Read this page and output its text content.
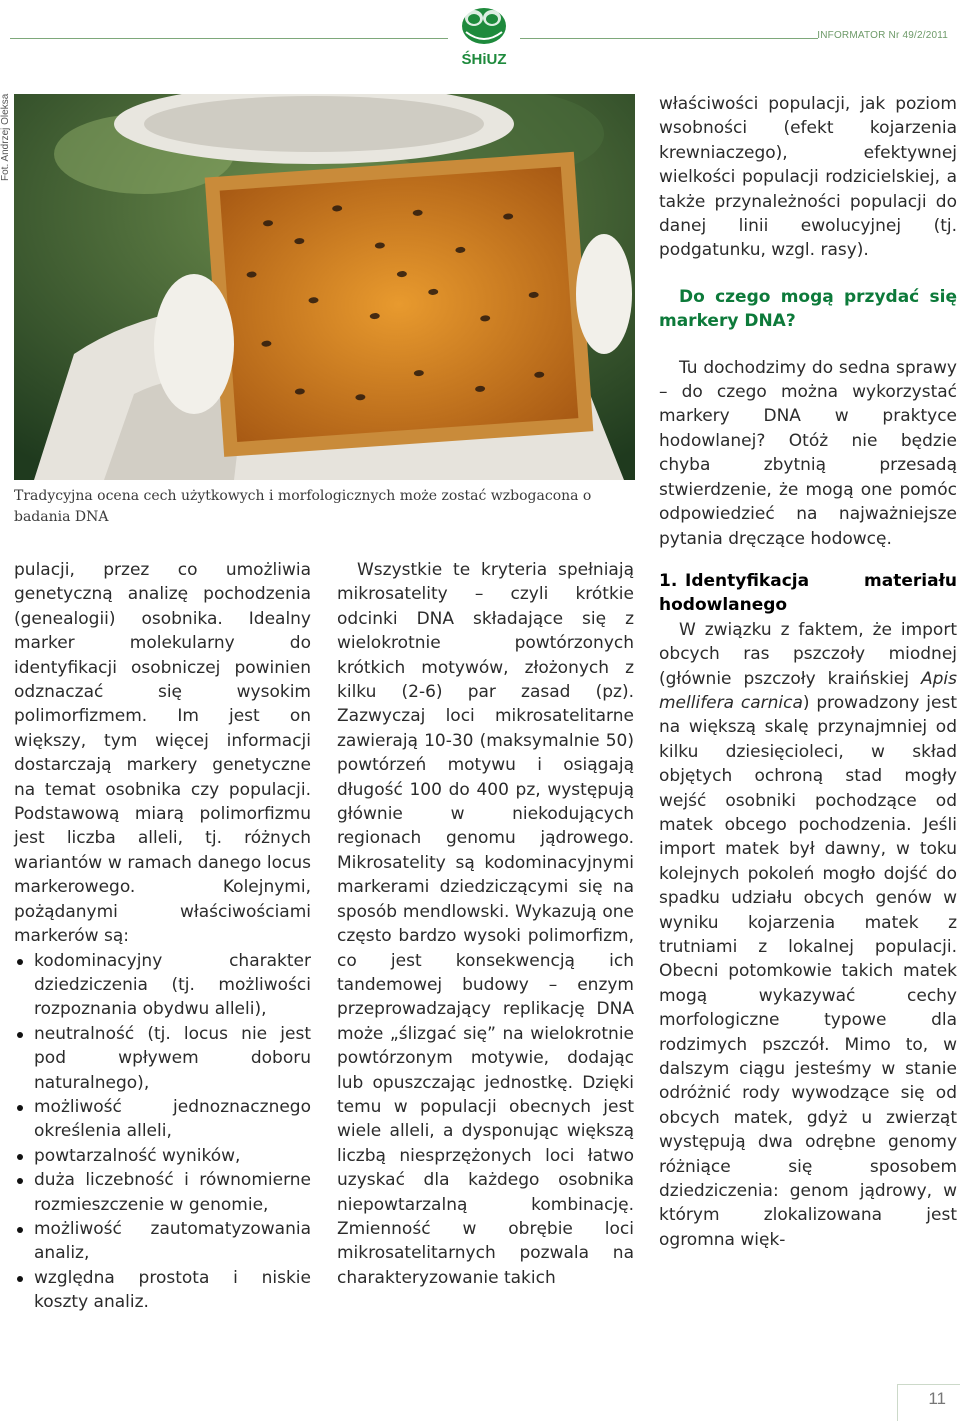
ŚHiUZ
INFORMATOR Nr 49/2/2011
Fot. Andrzej Oleksa
Tradycyjna ocena cech użytkowych i morfologicznych może zostać wzbogacona o badania DNA

pulacji, przez co umożliwia genetyczną analizę pochodzenia (genealogii) osobnika. Idealny marker molekularny do identyfikacji osobniczej powinien odznaczać się wysokim polimorfizmem. Im jest on większy, tym więcej informacji dostarczają markery genetyczne na temat osobnika czy populacji. Podstawową miarą polimorfizmu jest liczba alleli, tj. różnych wariantów w ramach danego locus markerowego. Kolejnymi, pożądanymi właściwościami markerów są:

kodominacyjny charakter dziedziczenia (tj. możliwości rozpoznania obydwu alleli),
neutralność (tj. locus nie jest pod wpływem doboru naturalnego),
możliwość jednoznacznego określenia alleli,
powtarzalność wyników,
duża liczebność i równomierne rozmieszczenie w genomie,
możliwość zautomatyzowania analiz,
względna prostota i niskie koszty analiz.

Wszystkie te kryteria spełniają mikrosatelity – czyli krótkie odcinki DNA składające się z wielokrotnie powtórzonych krótkich motywów, złożonych z kilku (2-6) par zasad (pz). Zazwyczaj loci mikrosatelitarne zawierają 10-30 (maksymalnie 50) powtórzeń motywu i osiągają długość 100 do 400 pz, występują głównie w niekodujących regionach genomu jądrowego. Mikrosatelity są kodominacyjnymi markerami dziedziczącymi się na sposób mendlowski. Wykazują one często bardzo wysoki polimorfizm, co jest konsekwencją ich tandemowej budowy – enzym przeprowadzający replikację DNA może „ślizgać się” na wielokrotnie powtórzonym motywie, dodając lub opuszczając jednostkę. Dzięki temu w populacji obecnych jest wiele alleli, a dysponując większą liczbą niesprzężonych loci łatwo uzyskać dla każdego osobnika niepowtarzalną kombinację. Zmienność w obrębie loci mikrosatelitarnych pozwala na charakteryzowanie takich

właściwości populacji, jak poziom wsobności (efekt kojarzenia krewniaczego), efektywnej wielkości populacji rodzicielskiej, a także przynależności populacji do danej linii ewolucyjnej (tj. podgatunku, wzgl. rasy).

Do czego mogą przydać się markery DNA?

Tu dochodzimy do sedna sprawy – do czego można wykorzystać markery DNA w praktyce hodowlanej? Otóż nie będzie chyba zbytnią przesadą stwierdzenie, że mogą one pomóc odpowiedzieć na najważniejsze pytania dręczące hodowcę.

1. Identyfikacja materiału hodowlanego

W związku z faktem, że import obcych ras pszczoły miodnej (głównie pszczoły kraińskiej Apis mellifera carnica) prowadzony jest na większą skalę przynajmniej od kilku dziesięcioleci, w skład objętych ochroną stad mogły wejść osobniki pochodzące od matek obcego pochodzenia. Jeśli import matek był dawny, w toku kolejnych pokoleń mogło dojść do spadku udziału obcych genów w wyniku kojarzenia matek z trutniami z lokalnej populacji. Obecni potomkowie takich matek mogą wykazywać cechy morfologiczne typowe dla rodzimych pszczół. Mimo to, w dalszym ciągu jesteśmy w stanie odróżnić rody wywodzące się od obcych matek, gdyż u zwierząt występują dwa odrębne genomy różniące się sposobem dziedziczenia: genom jądrowy, w którym zlokalizowana jest ogromna więk-

11
